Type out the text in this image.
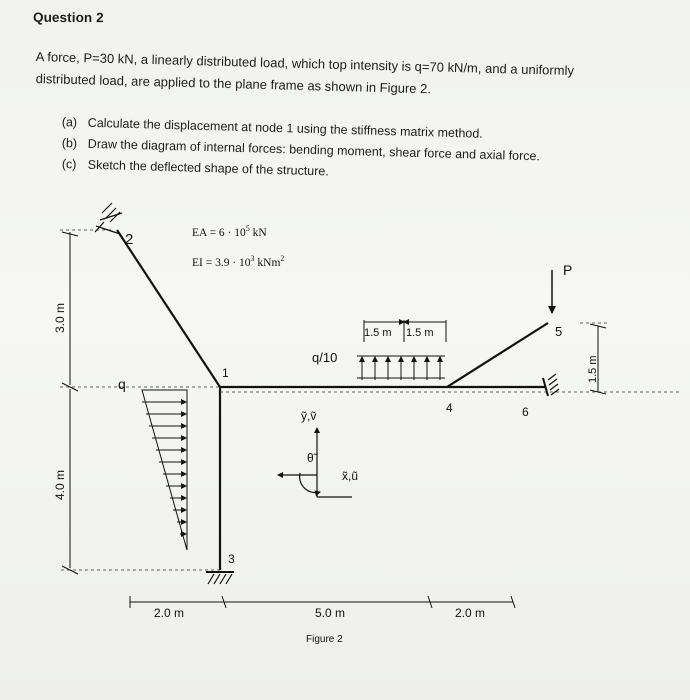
Question 2
A force, P=30 kN, a linearly distributed load, which top intensity is q=70 kN/m, and a uniformly
distributed load, are applied to the plane frame as shown in Figure 2.
(a) Calculate the displacement at node 1 using the stiffness matrix method.
(b) Draw the diagram of internal forces: bending moment, shear force and axial force.
(c) Sketch the deflected shape of the structure.
2
1
3
4
5
6
P
q
q/10
1.5 m 1.5 m
EA = $6 \cdot 10^5$ kN
EI = $3.9 \cdot 10^3$ kNm$^2$
ỹ,ṽ
θ̃
x̃,ũ
2.0 m	5.0 m	2.0 m
Figure 2
3.0 m
4.0 m
1.5 m
